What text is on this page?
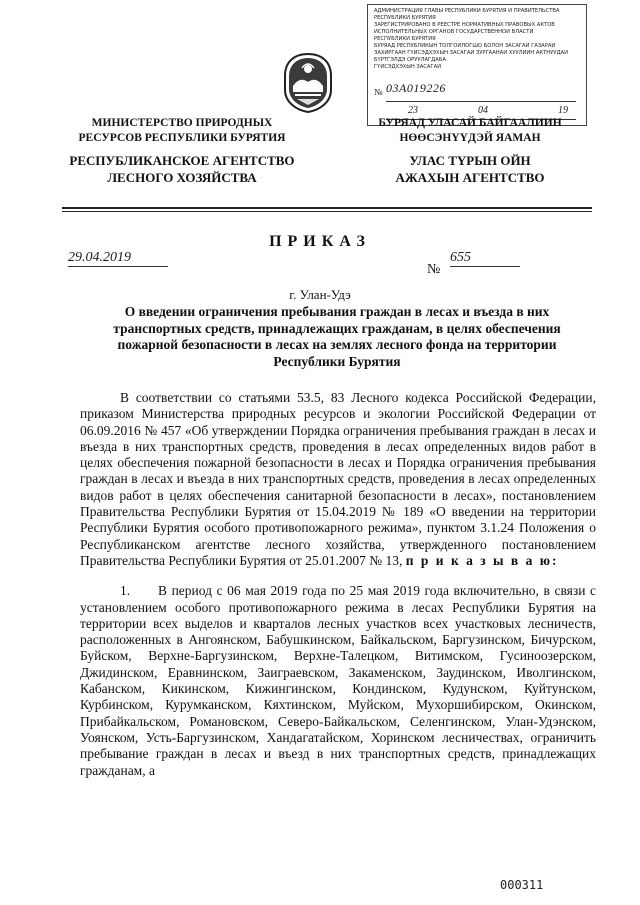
АДМИНИСТРАЦИЯ ГЛАВЫ РЕСПУБЛИКИ БУРЯТИЯ И ПРАВИТЕЛЬСТВА
РЕСПУБЛИКИ БУРЯТИЯ
ЗАРЕГИСТРИРОВАНО В РЕЕСТРЕ НОРМАТИВНЫХ ПРАВОВЫХ АКТОВ
ИСПОЛНИТЕЛЬНЫХ ОРГАНОВ ГОСУДАРСТВЕННОЙ ВЛАСТИ
РЕСПУБЛИКИ БУРЯТИЯ
БУРЯАД РЕСПУБЛИКЫН ТОЛГОЙЛОГШО БОЛОН ЗАСАГАЙ ГАЗАРАЙ
ЗАХИРГААН ГҮЙСЭДХЭХЫН ЗАСАГАЙ ЗУРГААНАЙ ХУУЛИИН АКТНУУДАЙ
БҮРТГЭЛДЭ ОРУУЛАГДАБА
ГҮЙСЭДХЭХЫН ЗАСАГАЙ
№ 03А019226
23	04	19
МИНИСТЕРСТВО ПРИРОДНЫХ РЕСУРСОВ РЕСПУБЛИКИ БУРЯТИЯ
РЕСПУБЛИКАНСКОЕ АГЕНТСТВО ЛЕСНОГО ХОЗЯЙСТВА
БУРЯАД УЛАСАЙ БАЙГААЛИИН НӨӨСЭНҮҮДЭЙ ЯАМАН
УЛАС ТҮРЫН ОЙН АЖАХЫН АГЕНТСТВО
ПРИКАЗ
29.04.2019
№
655
г. Улан-Удэ
О введении ограничения пребывания граждан в лесах и въезда в них транспортных средств, принадлежащих гражданам, в целях обеспечения пожарной безопасности в лесах на землях лесного фонда на территории Республики Бурятия

В соответствии со статьями 53.5, 83 Лесного кодекса Российской Федерации, приказом Министерства природных ресурсов и экологии Российской Федерации от 06.09.2016 № 457 «Об утверждении Порядка ограничения пребывания граждан в лесах и въезда в них транспортных средств, проведения в лесах определенных видов работ в целях обеспечения пожарной безопасности в лесах и Порядка ограничения пребывания граждан в лесах и въезда в них транспортных средств, проведения в лесах определенных видов работ в целях обеспечения санитарной безопасности в лесах», постановлением Правительства Республики Бурятия от 15.04.2019 № 189 «О введении на территории Республики Бурятия особого противопожарного режима», пунктом 3.1.24 Положения о Республиканском агентстве лесного хозяйства, утвержденного постановлением Правительства Республики Бурятия от 25.01.2007 № 13, п р и к а з ы в а ю:

1. В период с 06 мая 2019 года по 25 мая 2019 года включительно, в связи с установлением особого противопожарного режима в лесах Республики Бурятия на территории всех выделов и кварталов лесных участков всех участковых лесничеств, расположенных в Ангоянском, Бабушкинском, Байкальском, Баргузинском, Бичурском, Буйском, Верхне-Баргузинском, Верхне-Талецком, Витимском, Гусиноозерском, Джидинском, Еравнинском, Заиграевском, Закаменском, Заудинском, Иволгинском, Кабанском, Кикинском, Кижингинском, Кондинском, Кудунском, Куйтунском, Курбинском, Курумканском, Кяхтинском, Муйском, Мухоршибирском, Окинском, Прибайкальском, Романовском, Северо-Байкальском, Селенгинском, Улан-Удэнском, Уоянском, Усть-Баргузинском, Хандагатайском, Хоринском лесничествах, ограничить пребывание граждан в лесах и въезд в них транспортных средств, принадлежащих гражданам, а

000311
